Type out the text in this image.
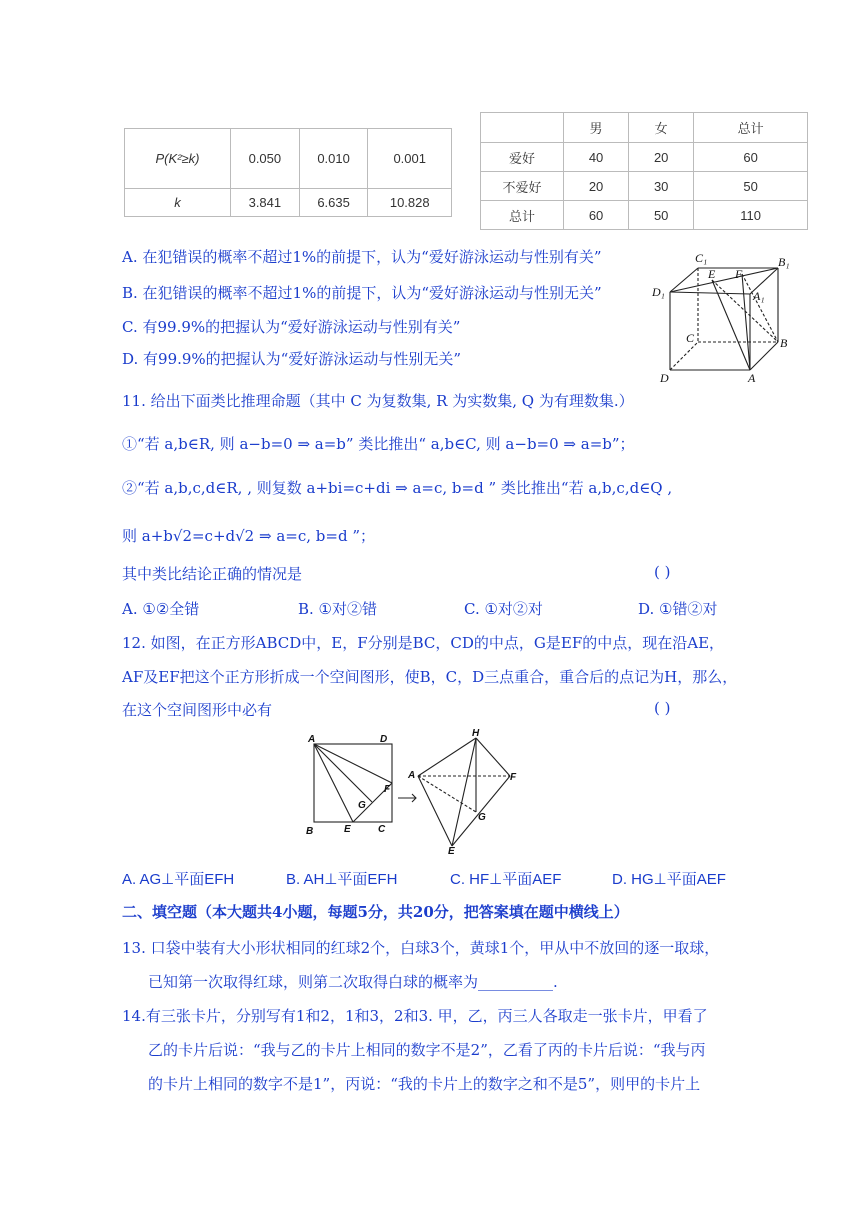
P(K²≥k)	0.050	0.010	0.001
k	3.841	6.635	10.828
	男	女	总计
爱好	40	20	60
不爱好	20	30	50
总计	60	50	110
A. 在犯错误的概率不超过1%的前提下，认为“爱好游泳运动与性别有关”
B. 在犯错误的概率不超过1%的前提下，认为“爱好游泳运动与性别无关”
C. 有99.9%的把握认为“爱好游泳运动与性别有关”
D. 有99.9%的把握认为“爱好游泳运动与性别无关”
C₁	B₁
E F
D₁	A₁
C	B
D	A
11. 给出下面类比推理命题（其中 C 为复数集, R 为实数集, Q 为有理数集.）
①“若 a,b∈R, 则 a−b=0 ⇒ a=b” 类比推出“ a,b∈C, 则 a−b=0 ⇒ a=b”；
②“若 a,b,c,d∈R, , 则复数 a+bi=c+di ⇒ a=c, b=d ” 类比推出“若 a,b,c,d∈Q ,
则 a+b√2=c+d√2 ⇒ a=c, b=d ”；
其中类比结论正确的情况是	( )
A. ①②全错	B. ①对②错	C. ①对②对	D. ①错②对
12. 如图，在正方形ABCD中，E，F分别是BC，CD的中点，G是EF的中点，现在沿AE，
AF及EF把这个正方形折成一个空间图形，使B，C，D三点重合，重合后的点记为H，那么，
在这个空间图形中必有	( )
A	D
F
G
B	E	C
H
A	F
G
E
A. AG⊥平面EFH	B. AH⊥平面EFH	C. HF⊥平面AEF	D. HG⊥平面AEF
二、填空题（本大题共4小题，每题5分，共20分，把答案填在题中横线上）
13. 口袋中装有大小形状相同的红球2个，白球3个，黄球1个，甲从中不放回的逐一取球，
已知第一次取得红球，则第二次取得白球的概率为__________.
14.有三张卡片，分别写有1和2，1和3，2和3. 甲，乙，丙三人各取走一张卡片，甲看了
乙的卡片后说：“我与乙的卡片上相同的数字不是2”，乙看了丙的卡片后说：“我与丙
的卡片上相同的数字不是1”，丙说：“我的卡片上的数字之和不是5”，则甲的卡片上
